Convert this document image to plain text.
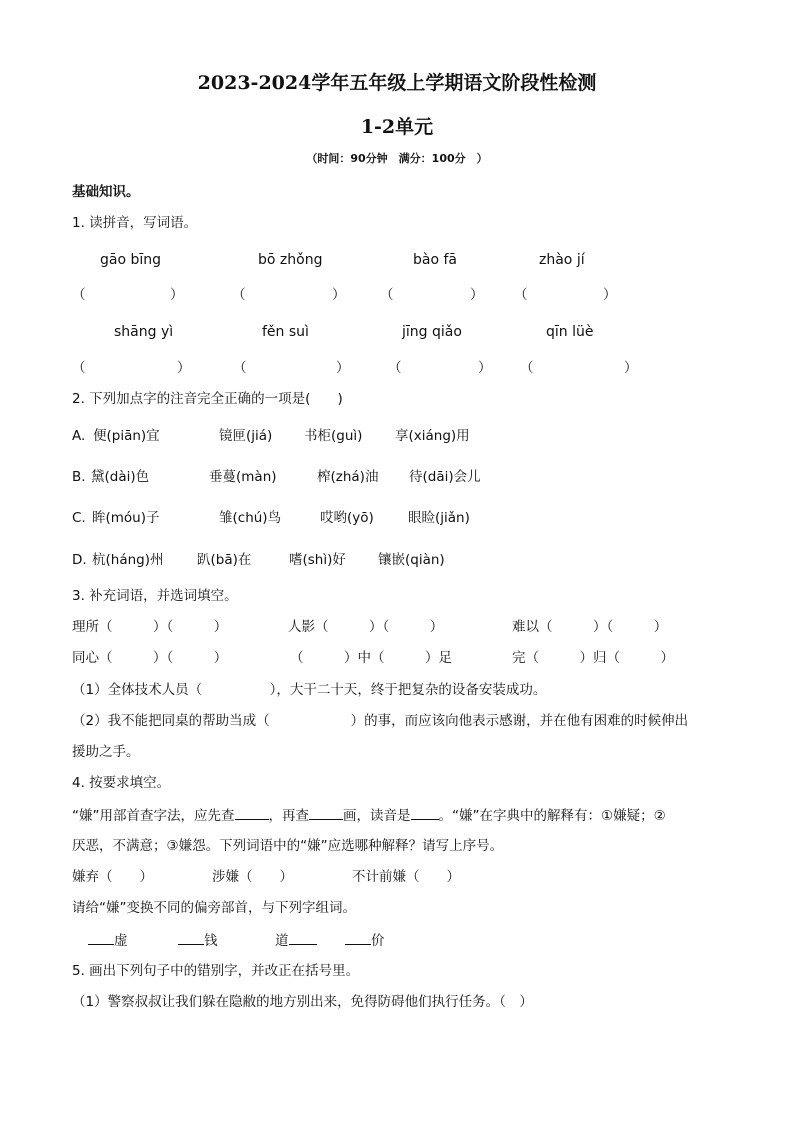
2023-2024学年五年级上学期语文阶段性检测
1-2单元
（时间：90分钟　满分：100分　）
基础知识。
1. 读拼音，写词语。
gāo bīng	bō zhǒng	bào fā	zhào jí
（	）	（	）	（	） （	）
shāng yì	fěn suì	jīng qiǎo	qīn lüè
（	）	（	）	（	） （	）
2. 下列加点字的注音完全正确的一项是(　　)
A. 便(piān)宜	镜匣(jiá) 书柜(guì) 享(xiáng)用
B. 黛(dài)色	垂蔓(màn)	榨(zhá)油 待(dāi)会儿
C. 眸(móu)子	雏(chú)鸟	哎哟(yō)	眼睑(jiǎn)
D. 杭(háng)州 趴(bā)在	嗜(shì)好 镶嵌(qiàn)
3. 补充词语，并选词填空。
理所（　　　）（　　　）	人影（　　　）（　　　）	难以（　　　）（　　　）
同心（　　　）（　　　）	（　　　）中（　　　）足	完（　　　）归（　　　）
（1）全体技术人员（　　　　　），大干二十天，终于把复杂的设备安装成功。
（2）我不能把同桌的帮助当成（　　　　　　）的事，而应该向他表示感谢，并在他有困难的时候伸出
援助之手。
4. 按要求填空。
“嫌”用部首查字法，应先查	，再查	画，读音是 。“嫌”在字典中的解释有：①嫌疑；②
厌恶，不满意；③嫌怨。下列词语中的“嫌”应选哪种解释？请写上序号。
嫌弃（　　）	涉嫌（　　）	不计前嫌（　　）
请给“嫌”变换不同的偏旁部首，与下列字组词。
虚	钱	道	价
5. 画出下列句子中的错别字，并改正在括号里。
（1）警察叔叔让我们躲在隐敝的地方别出来，免得防碍他们执行任务。（　）
